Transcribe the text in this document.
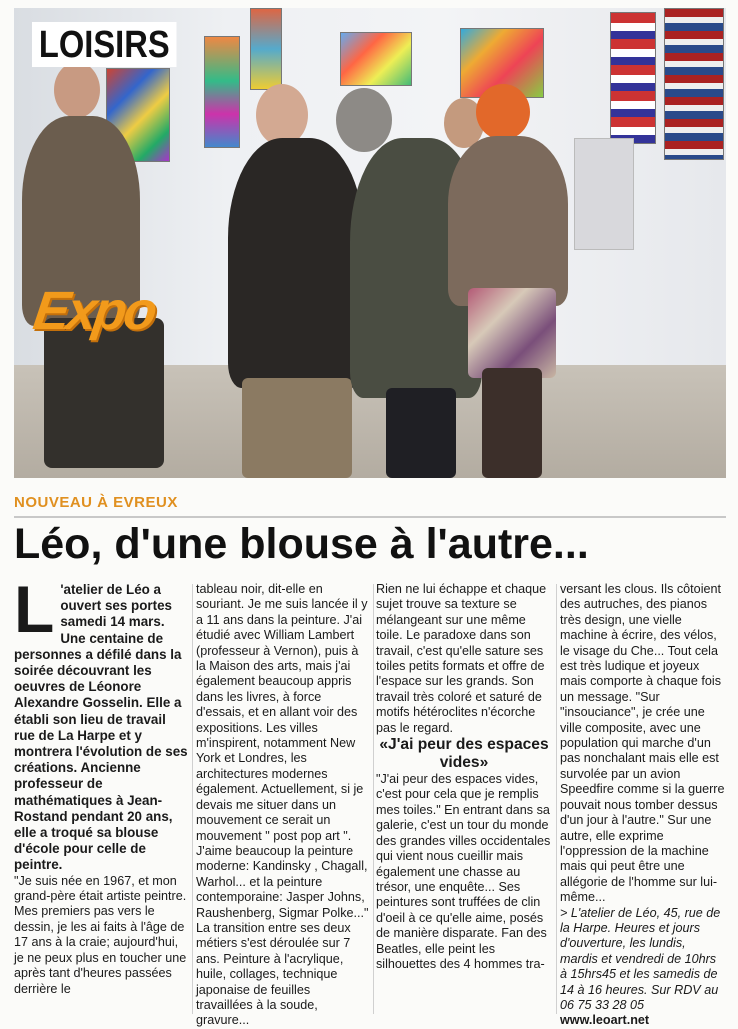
LOISIRS
Expo
NOUVEAU À EVREUX
Léo, d'une blouse à l'autre...

L 'atelier de Léo a ouvert ses portes samedi 14 mars. Une centaine de personnes a défilé dans la soirée découvrant les oeuvres de Léonore Alexandre Gosselin. Elle a établi son lieu de travail rue de La Harpe et y montrera l'évolution de ses créations. Ancienne professeur de mathématiques à Jean-Rostand pendant 20 ans, elle a troqué sa blouse d'école pour celle de peintre.

"Je suis née en 1967, et mon grand-père était artiste peintre. Mes premiers pas vers le dessin, je les ai faits à l'âge de 17 ans à la craie; aujourd'hui, je ne peux plus en toucher une après tant d'heures passées derrière le

tableau noir, dit-elle en souriant. Je me suis lancée il y a 11 ans dans la peinture. J'ai étudié avec William Lambert (professeur à Vernon), puis à la Maison des arts, mais j'ai également beaucoup appris dans les livres, à force d'essais, et en allant voir des expositions. Les villes m'inspirent, notamment New York et Londres, les architectures modernes également. Actuellement, si je devais me situer dans un mouvement ce serait un mouvement " post pop art ". J'aime beaucoup la peinture moderne: Kandinsky , Chagall, Warhol... et la peinture contemporaine: Jasper Johns, Raushenberg, Sigmar Polke..."

La transition entre ses deux métiers s'est déroulée sur 7 ans. Peinture à l'acrylique, huile, collages, technique japonaise de feuilles travaillées à la soude, gravure...

Rien ne lui échappe et chaque sujet trouve sa texture se mélangeant sur une même toile. Le paradoxe dans son travail, c'est qu'elle sature ses toiles petits formats et offre de l'espace sur les grands. Son travail très coloré et saturé de motifs hétéroclites n'écorche pas le regard.

«J'ai peur des espaces vides»

"J'ai peur des espaces vides, c'est pour cela que je remplis mes toiles." En entrant dans sa galerie, c'est un tour du monde des grandes villes occidentales qui vient nous cueillir mais également une chasse au trésor, une enquête... Ses peintures sont truffées de clin d'oeil à ce qu'elle aime, posés de manière disparate. Fan des Beatles, elle peint les silhouettes des 4 hommes tra-

versant les clous. Ils côtoient des autruches, des pianos très design, une vielle machine à écrire, des vélos, le visage du Che... Tout cela est très ludique et joyeux mais comporte à chaque fois un message. "Sur "insouciance", je crée une ville composite, avec une population qui marche d'un pas nonchalant mais elle est survolée par un avion Speedfire comme si la guerre pouvait nous tomber dessus d'un jour à l'autre." Sur une autre, elle exprime l'oppression de la machine mais qui peut être une allégorie de l'homme sur lui-même...

> L'atelier de Léo, 45, rue de la Harpe. Heures et jours d'ouverture, les lundis, mardis et vendredi de 10hrs à 15hrs45 et les samedis de 14 à 16 heures. Sur RDV au 06 75 33 28 05 www.leoart.net
